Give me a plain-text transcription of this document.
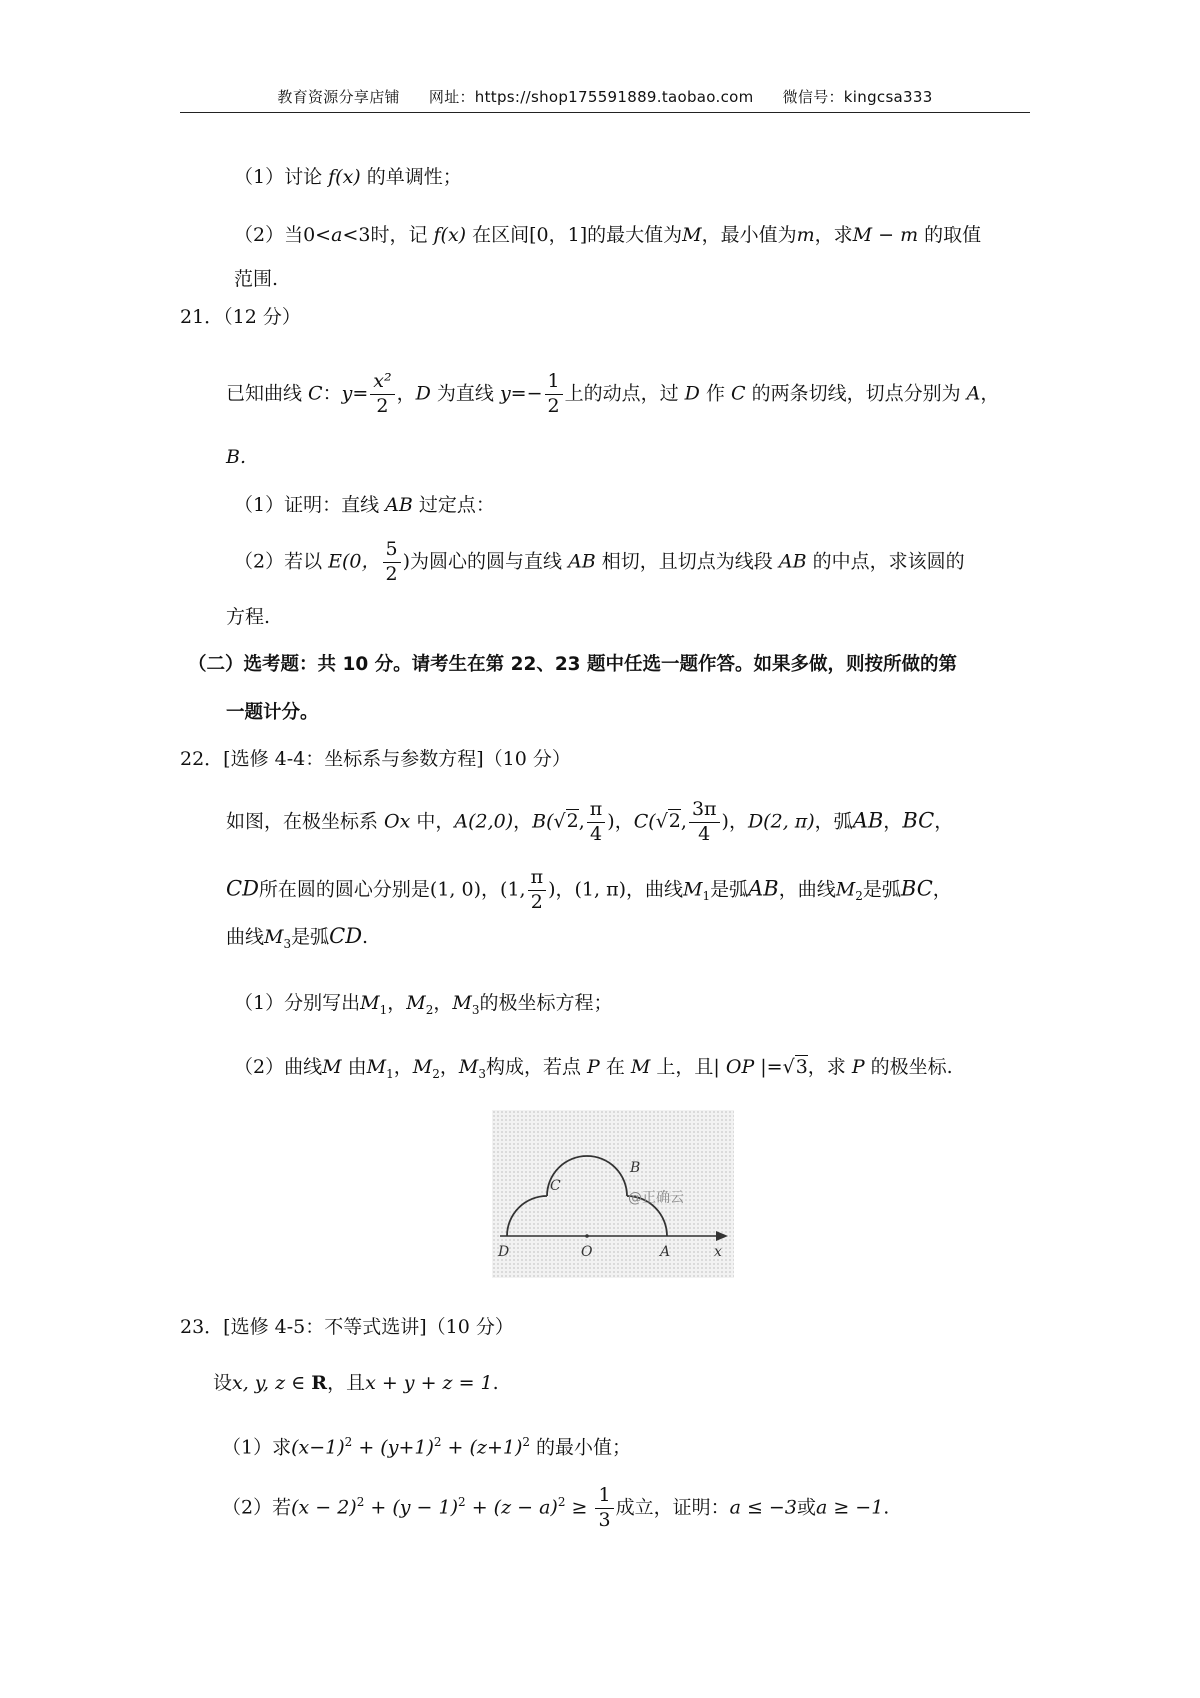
教育资源分享店铺 网址：https://shop175591889.taobao.com 微信号：kingcsa333
（1）讨论 f(x) 的单调性；
（2）当0<a<3时，记 f(x) 在区间[0，1]的最大值为M，最小值为m，求M − m 的取值
范围.
21．（12 分）
已知曲线 C：$y= \frac{\text{x²}}{2}$ ，D 为直线 $y=- \frac{1}{2}$ 上的动点，过 D 作 C 的两条切线，切点分别为 A，
B.
（1）证明：直线 AB 过定点：
（2）若以 E(0， $\frac{5}{2}$ )为圆心的圆与直线 AB 相切，且切点为线段 AB 的中点，求该圆的
方程.
（二）选考题：共 10 分。请考生在第 22、23 题中任选一题作答。如果多做，则按所做的第
一题计分。
22．[选修 4-4：坐标系与参数方程]（10 分）
如图，在极坐标系 Ox 中，A(2,0)，B(√2, $\frac{\pi}{4}$ )，C(√2, $\frac{3\pi}{4}$ )，D(2, π)，弧AB，BC，
CD所在圆的圆心分别是(1, 0)，(1, $\frac{\pi}{2}$ )，(1, π)，曲线$M_1$是弧AB，曲线$M_2$是弧BC，
曲线$M_3$是弧CD.
（1）分别写出$M_1$，$M_2$，$M_3$的极坐标方程；
（2）曲线M 由$M_1$，$M_2$，$M_3$构成，若点 P 在 M 上，且| OP |=√3，求 P 的极坐标.
C
B
D	O	A	x
@正确云
23．[选修 4-5：不等式选讲]（10 分）
设x, y, z ∈ R，且x + y + z = 1.
（1）求$(x-1)^2 + (y+1)^2 + (z+1)^2$ 的最小值；
（2）若$(x - 2)^2 + (y - 1)^2 + (z - a)^2 \ge \frac{1}{3}$ 成立，证明：a ≤ −3或a ≥ −1.
